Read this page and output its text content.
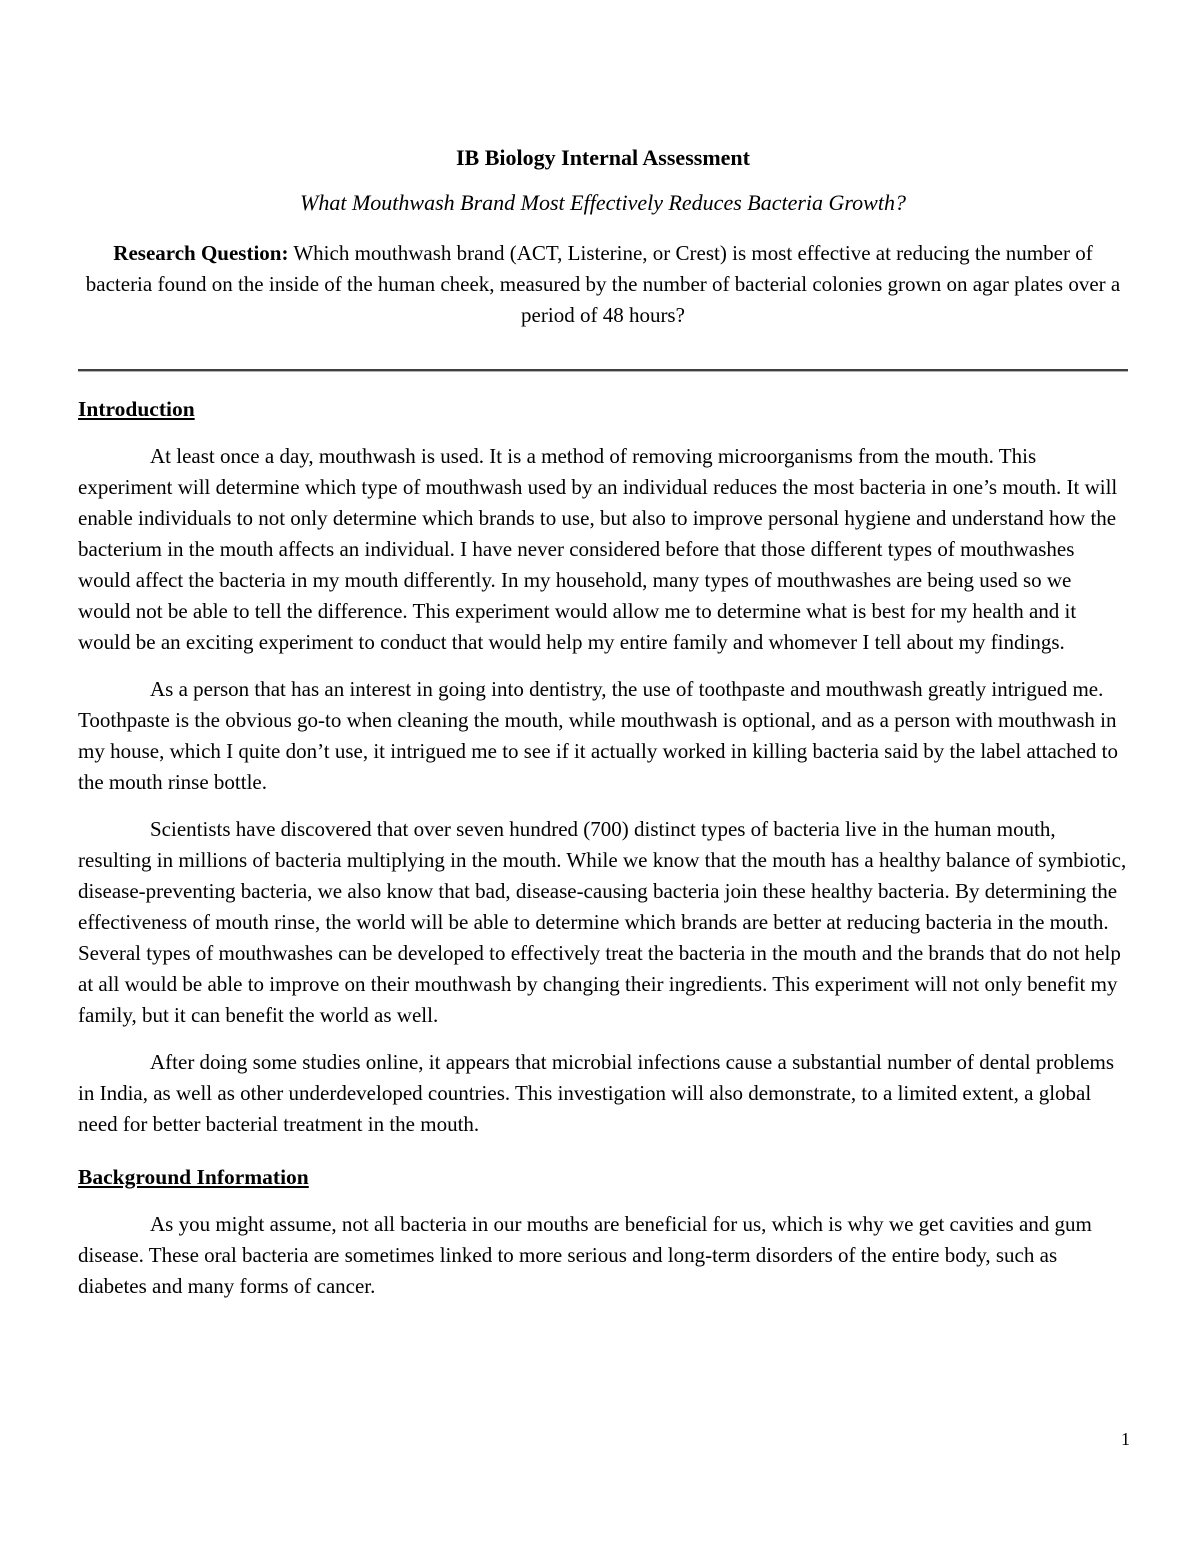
IB Biology Internal Assessment
What Mouthwash Brand Most Effectively Reduces Bacteria Growth?

Research Question: Which mouthwash brand (ACT, Listerine, or Crest) is most effective at reducing the number of bacteria found on the inside of the human cheek, measured by the number of bacterial colonies grown on agar plates over a period of 48 hours?

Introduction

At least once a day, mouthwash is used. It is a method of removing microorganisms from the mouth. This experiment will determine which type of mouthwash used by an individual reduces the most bacteria in one’s mouth. It will enable individuals to not only determine which brands to use, but also to improve personal hygiene and understand how the bacterium in the mouth affects an individual. I have never considered before that those different types of mouthwashes would affect the bacteria in my mouth differently. In my household, many types of mouthwashes are being used so we would not be able to tell the difference. This experiment would allow me to determine what is best for my health and it would be an exciting experiment to conduct that would help my entire family and whomever I tell about my findings.

As a person that has an interest in going into dentistry, the use of toothpaste and mouthwash greatly intrigued me. Toothpaste is the obvious go-to when cleaning the mouth, while mouthwash is optional, and as a person with mouthwash in my house, which I quite don’t use, it intrigued me to see if it actually worked in killing bacteria said by the label attached to the mouth rinse bottle.

Scientists have discovered that over seven hundred (700) distinct types of bacteria live in the human mouth, resulting in millions of bacteria multiplying in the mouth. While we know that the mouth has a healthy balance of symbiotic, disease-preventing bacteria, we also know that bad, disease-causing bacteria join these healthy bacteria. By determining the effectiveness of mouth rinse, the world will be able to determine which brands are better at reducing bacteria in the mouth. Several types of mouthwashes can be developed to effectively treat the bacteria in the mouth and the brands that do not help at all would be able to improve on their mouthwash by changing their ingredients. This experiment will not only benefit my family, but it can benefit the world as well.

After doing some studies online, it appears that microbial infections cause a substantial number of dental problems in India, as well as other underdeveloped countries. This investigation will also demonstrate, to a limited extent, a global need for better bacterial treatment in the mouth.

Background Information

As you might assume, not all bacteria in our mouths are beneficial for us, which is why we get cavities and gum disease. These oral bacteria are sometimes linked to more serious and long-term disorders of the entire body, such as diabetes and many forms of cancer.

1
